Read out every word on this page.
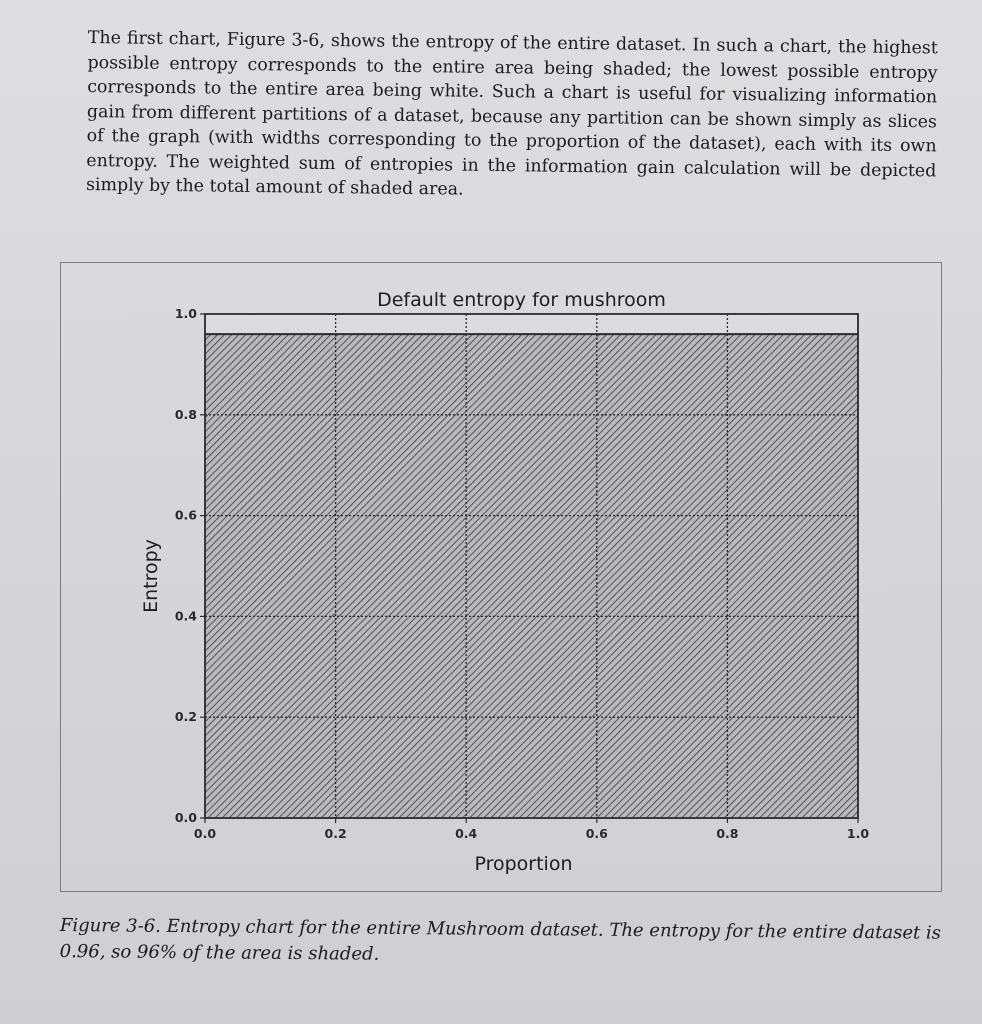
The first chart, Figure 3-6, shows the entropy of the entire dataset. In such a chart, the highest possible entropy corresponds to the entire area being shaded; the lowest possible entropy corresponds to the entire area being white. Such a chart is useful for visualizing information gain from different partitions of a dataset, because any partition can be shown simply as slices of the graph (with widths corresponding to the proportion of the dataset), each with its own entropy. The weighted sum of entropies in the information gain calculation will be depicted simply by the total amount of shaded area.
0.0
0.2
0.4
0.6
0.8
1.0
0.0	0.2	0.4	0.6	0.8	1.0
Default entropy for mushroom
Proportion
Entropy
Figure 3-6. Entropy chart for the entire Mushroom dataset. The entropy for the entire dataset is 0.96, so 96% of the area is shaded.
